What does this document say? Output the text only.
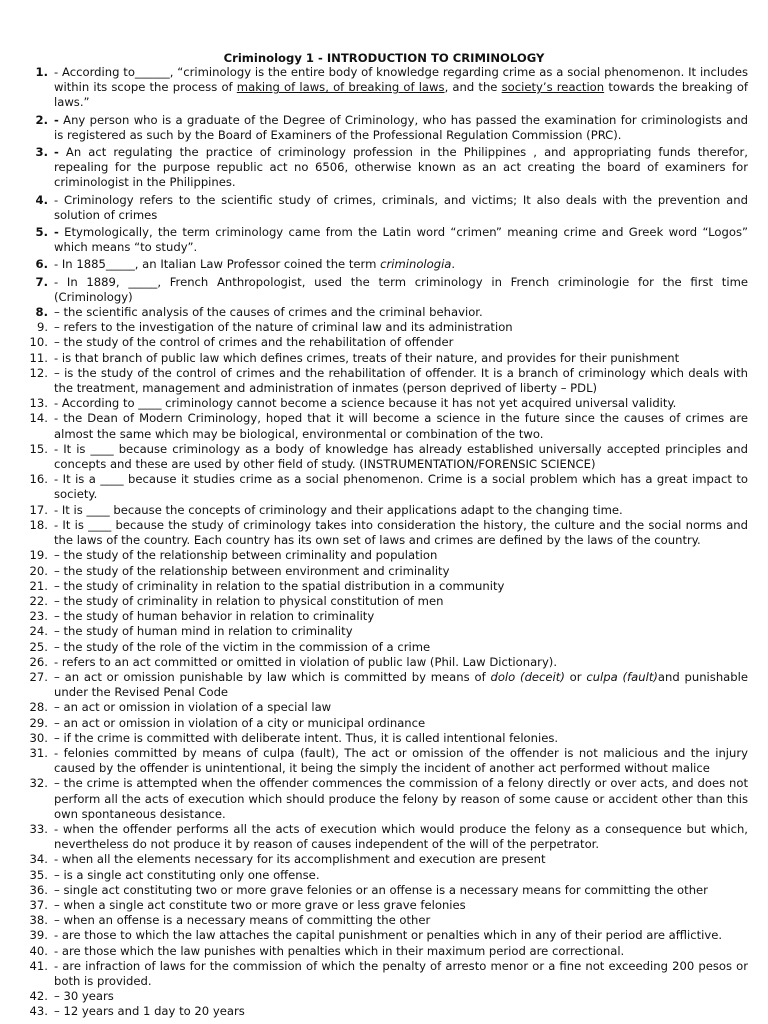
Criminology 1 - INTRODUCTION TO CRIMINOLOGY
1. - According to______, “criminology is the entire body of knowledge regarding crime as a social phenomenon. It includes within its scope the process of making of laws, of breaking of laws, and the society’s reaction towards the breaking of laws.”
2. - Any person who is a graduate of the Degree of Criminology, who has passed the examination for criminologists and is registered as such by the Board of Examiners of the Professional Regulation Commission (PRC).
3. - An act regulating the practice of criminology profession in the Philippines , and appropriating funds therefor, repealing for the purpose republic act no 6506, otherwise known as an act creating the board of examiners for criminologist in the Philippines.
4. - Criminology refers to the scientific study of crimes, criminals, and victims; It also deals with the prevention and solution of crimes
5. - Etymologically, the term criminology came from the Latin word “crimen” meaning crime and Greek word “Logos” which means “to study”.
6. - In 1885_____, an Italian Law Professor coined the term criminologia.
7. - In 1889, _____, French Anthropologist, used the term criminology in French criminologie for the first time (Criminology)
8. – the scientific analysis of the causes of crimes and the criminal behavior.
9. – refers to the investigation of the nature of criminal law and its administration
10. – the study of the control of crimes and the rehabilitation of offender
11. - is that branch of public law which defines crimes, treats of their nature, and provides for their punishment
12. – is the study of the control of crimes and the rehabilitation of offender. It is a branch of criminology which deals with the treatment, management and administration of inmates (person deprived of liberty – PDL)
13. - According to ____ criminology cannot become a science because it has not yet acquired universal validity.
14. - the Dean of Modern Criminology, hoped that it will become a science in the future since the causes of crimes are almost the same which may be biological, environmental or combination of the two.
15. - It is ____ because criminology as a body of knowledge has already established universally accepted principles and concepts and these are used by other field of study. (INSTRUMENTATION/FORENSIC SCIENCE)
16. - It is a ____ because it studies crime as a social phenomenon. Crime is a social problem which has a great impact to society.
17. - It is ____ because the concepts of criminology and their applications adapt to the changing time.
18. - It is ____ because the study of criminology takes into consideration the history, the culture and the social norms and the laws of the country. Each country has its own set of laws and crimes are defined by the laws of the country.
19. – the study of the relationship between criminality and population
20. – the study of the relationship between environment and criminality
21. – the study of criminality in relation to the spatial distribution in a community
22. – the study of criminality in relation to physical constitution of men
23. – the study of human behavior in relation to criminality
24. – the study of human mind in relation to criminality
25. – the study of the role of the victim in the commission of a crime
26. - refers to an act committed or omitted in violation of public law (Phil. Law Dictionary).
27. – an act or omission punishable by law which is committed by means of dolo (deceit) or culpa (fault)and punishable under the Revised Penal Code
28. – an act or omission in violation of a special law
29. – an act or omission in violation of a city or municipal ordinance
30. – if the crime is committed with deliberate intent. Thus, it is called intentional felonies.
31. - felonies committed by means of culpa (fault), The act or omission of the offender is not malicious and the injury caused by the offender is unintentional, it being the simply the incident of another act performed without malice
32. – the crime is attempted when the offender commences the commission of a felony directly or over acts, and does not perform all the acts of execution which should produce the felony by reason of some cause or accident other than this own spontaneous desistance.
33. - when the offender performs all the acts of execution which would produce the felony as a consequence but which, nevertheless do not produce it by reason of causes independent of the will of the perpetrator.
34. - when all the elements necessary for its accomplishment and execution are present
35. – is a single act constituting only one offense.
36. – single act constituting two or more grave felonies or an offense is a necessary means for committing the other
37. – when a single act constitute two or more grave or less grave felonies
38. – when an offense is a necessary means of committing the other
39. - are those to which the law attaches the capital punishment or penalties which in any of their period are afflictive.
40. - are those which the law punishes with penalties which in their maximum period are correctional.
41. - are infraction of laws for the commission of which the penalty of arresto menor or a fine not exceeding 200 pesos or both is provided.
42. – 30 years
43. – 12 years and 1 day to 20 years
